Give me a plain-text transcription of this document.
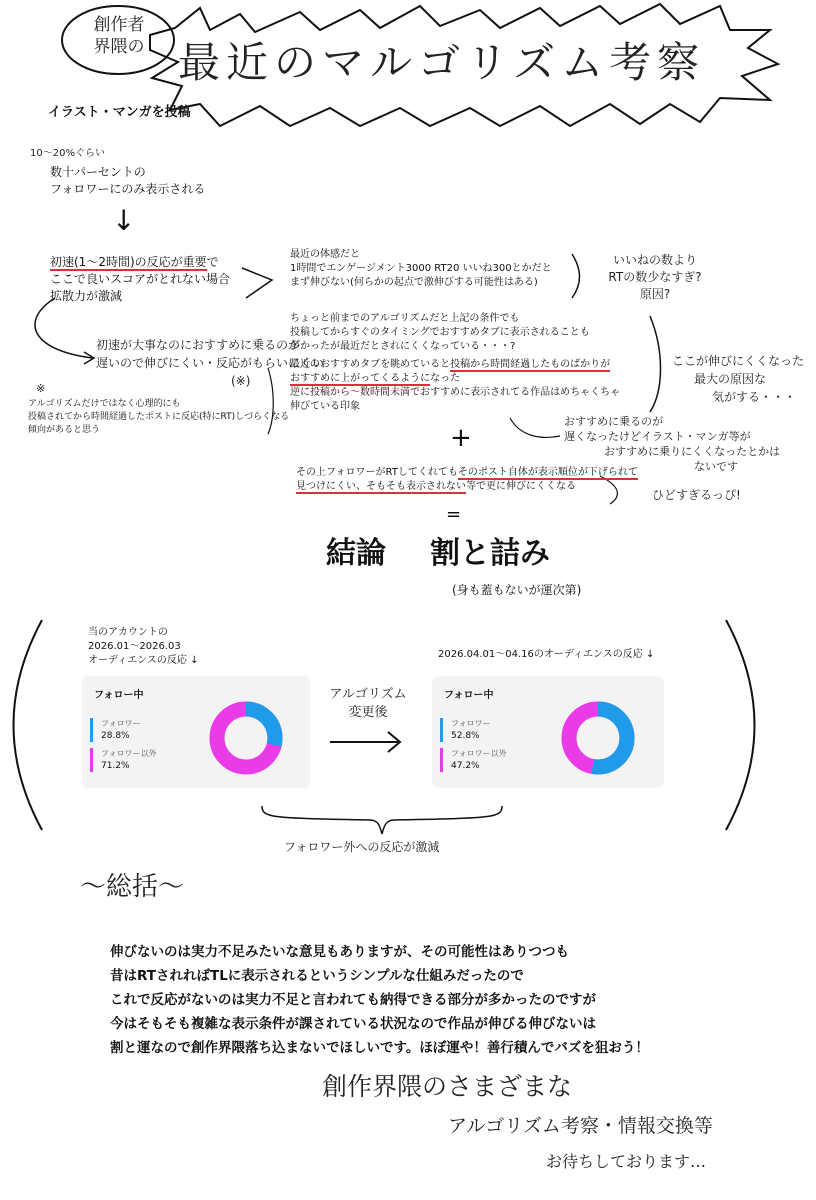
創作者
界隈の 最近のマルゴリズム考察
イラスト・マンガを投稿
10〜20%ぐらい
数十パーセントの
フォロワーにのみ表示される
↓
初速(1〜2時間)の反応が重要で
ここで良いスコアがとれない場合
拡散力が激減
最近の体感だと
1時間でエンゲージメント3000 RT20 いいね300とかだと
まず伸びない(何らかの起点で激伸びする可能性はある)
いいねの数より
RTの数少なすぎ?
原因?
初速が大事なのにおすすめに乗るのが
遅いので伸びにくい・反応がもらいにくい
(※)
※
アルゴリズムだけではなく心理的にも
投稿されてから時間経過したポストに反応(特にRT)しづらくなる
傾向があると思う
ちょっと前までのアルゴリズムだと上記の条件でも
投稿してからすぐのタイミングでおすすめタブに表示されることも
多かったが最近だとされにくくなっている・・・?
最近のおすすめタブを眺めていると投稿から時間経過したものばかりが
おすすめに上がってくるようになった
逆に投稿から〜数時間未満でおすすめに表示されてる作品はめちゃくちゃ
伸びている印象
ここが伸びにくくなった
最大の原因な
気がする・・・
おすすめに乗るのが
遅くなったけどイラスト・マンガ等が
おすすめに乗りにくくなったとかは
ないです
+
その上フォロワーがRTしてくれてもそのポスト自体が表示順位が下げられて
見つけにくい、そもそも表示されない等で更に伸びにくくなる
ひどすぎるっぴ!
=
結論 割と詰み
(身も蓋もないが運次第)
当のアカウントの
2026.01〜2026.03
オーディエンスの反応 ↓
2026.04.01〜04.16のオーディエンスの反応 ↓
アルゴリズム
変更後
フォロー中
フォロワー
28.8%
フォロワー以外
71.2%
フォロー中
フォロワー
52.8%
フォロワー以外
47.2%
フォロワー外への反応が激減
〜総括〜
伸びないのは実力不足みたいな意見もありますが、その可能性はありつつも
昔はRTされればTLに表示されるというシンプルな仕組みだったので
これで反応がないのは実力不足と言われても納得できる部分が多かったのですが
今はそもそも複雑な表示条件が課されている状況なので作品が伸びる伸びないは
割と運なので創作界隈落ち込まないでほしいです。ほぼ運や！善行積んでバズを狙おう！
創作界隈のさまざまな
アルゴリズム考察・情報交換等
お待ちしております…
